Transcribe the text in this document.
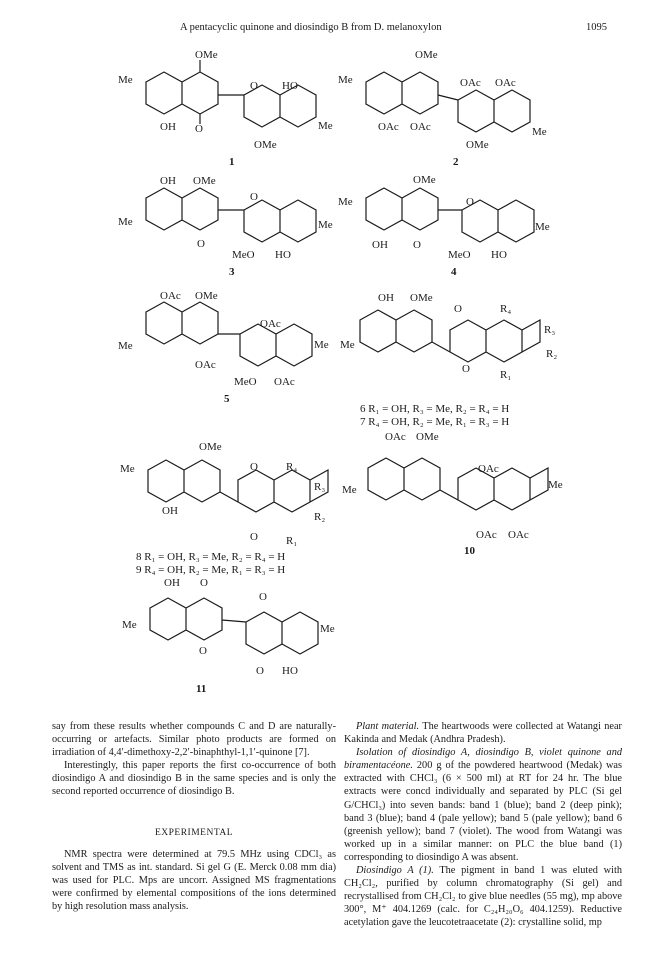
A pentacyclic quinone and diosindigo B from D. melanoxylon	1095
OMe
Me	O HO
OH O
OMe
Me
1
OMe
Me	OAc OAc
OAc OAc
OMe
Me
2
OH OMe
Me
O
O
Me
MeO HO
3
OMe
Me	O
OH O
Me
MeO HO
4
OAc OMe
OAc
Me
OAc
Me
MeO OAc
5
OH OMe
Me
O	R₄
R₃
R₂
O	R₁
6 R₁ = OH, R₃ = Me, R₂ = R₄ = H
7 R₄ = OH, R₂ = Me, R₁ = R₃ = H
OMe
Me	O	R₄
R₃
OH	R₂
O	R₁
8 R₁ = OH, R₃ = Me, R₂ = R₄ = H
9 R₄ = OH, R₂ = Me, R₁ = R₃ = H
OAc OMe
OAc
Me	Me
OAc OAc
10
OH O
O
Me	Me
O
O HO
11

say from these results whether compounds C and D are naturally-occurring or artefacts. Similar photo products are formed on irradiation of 4,4′-dimethoxy-2,2′-binaphthyl-1,1′-quinone [7].

Interestingly, this paper reports the first co-occurrence of both diosindigo A and diosindigo B in the same species and is only the second reported occurrence of diosindigo B.

EXPERIMENTAL

NMR spectra were determined at 79.5 MHz using CDCl₃ as solvent and TMS as int. standard. Si gel G (E. Merck 0.08 mm dia) was used for PLC. Mps are uncorr. Assigned MS fragmentations were confirmed by elemental compositions of the ions determined by high resolution mass analysis.

Plant material. The heartwoods were collected at Watangi near Kakinda and Medak (Andhra Pradesh).

Isolation of diosindigo A, diosindigo B, violet quinone and biramentacéone. 200 g of the powdered heartwood (Medak) was extracted with CHCl₃ (6 × 500 ml) at RT for 24 hr. The blue extracts were concd individually and separated by PLC (Si gel G/CHCl₃) into seven bands: band 1 (blue); band 2 (deep pink); band 3 (blue); band 4 (pale yellow); band 5 (pale yellow); band 6 (greenish yellow); band 7 (violet). The wood from Watangi was worked up in a similar manner: on PLC the blue band (1) corresponding to diosindigo A was absent.

Diosindigo A (1). The pigment in band 1 was eluted with CH₂Cl₂, purified by column chromatography (Si gel) and recrystallised from CH₂Cl₂ to give blue needles (55 mg), mp above 300°, M⁺ 404.1269 (calc. for C₂₄H₂₀O₆ 404.1259). Reductive acetylation gave the leucotetraacetate (2): crystalline solid, mp
